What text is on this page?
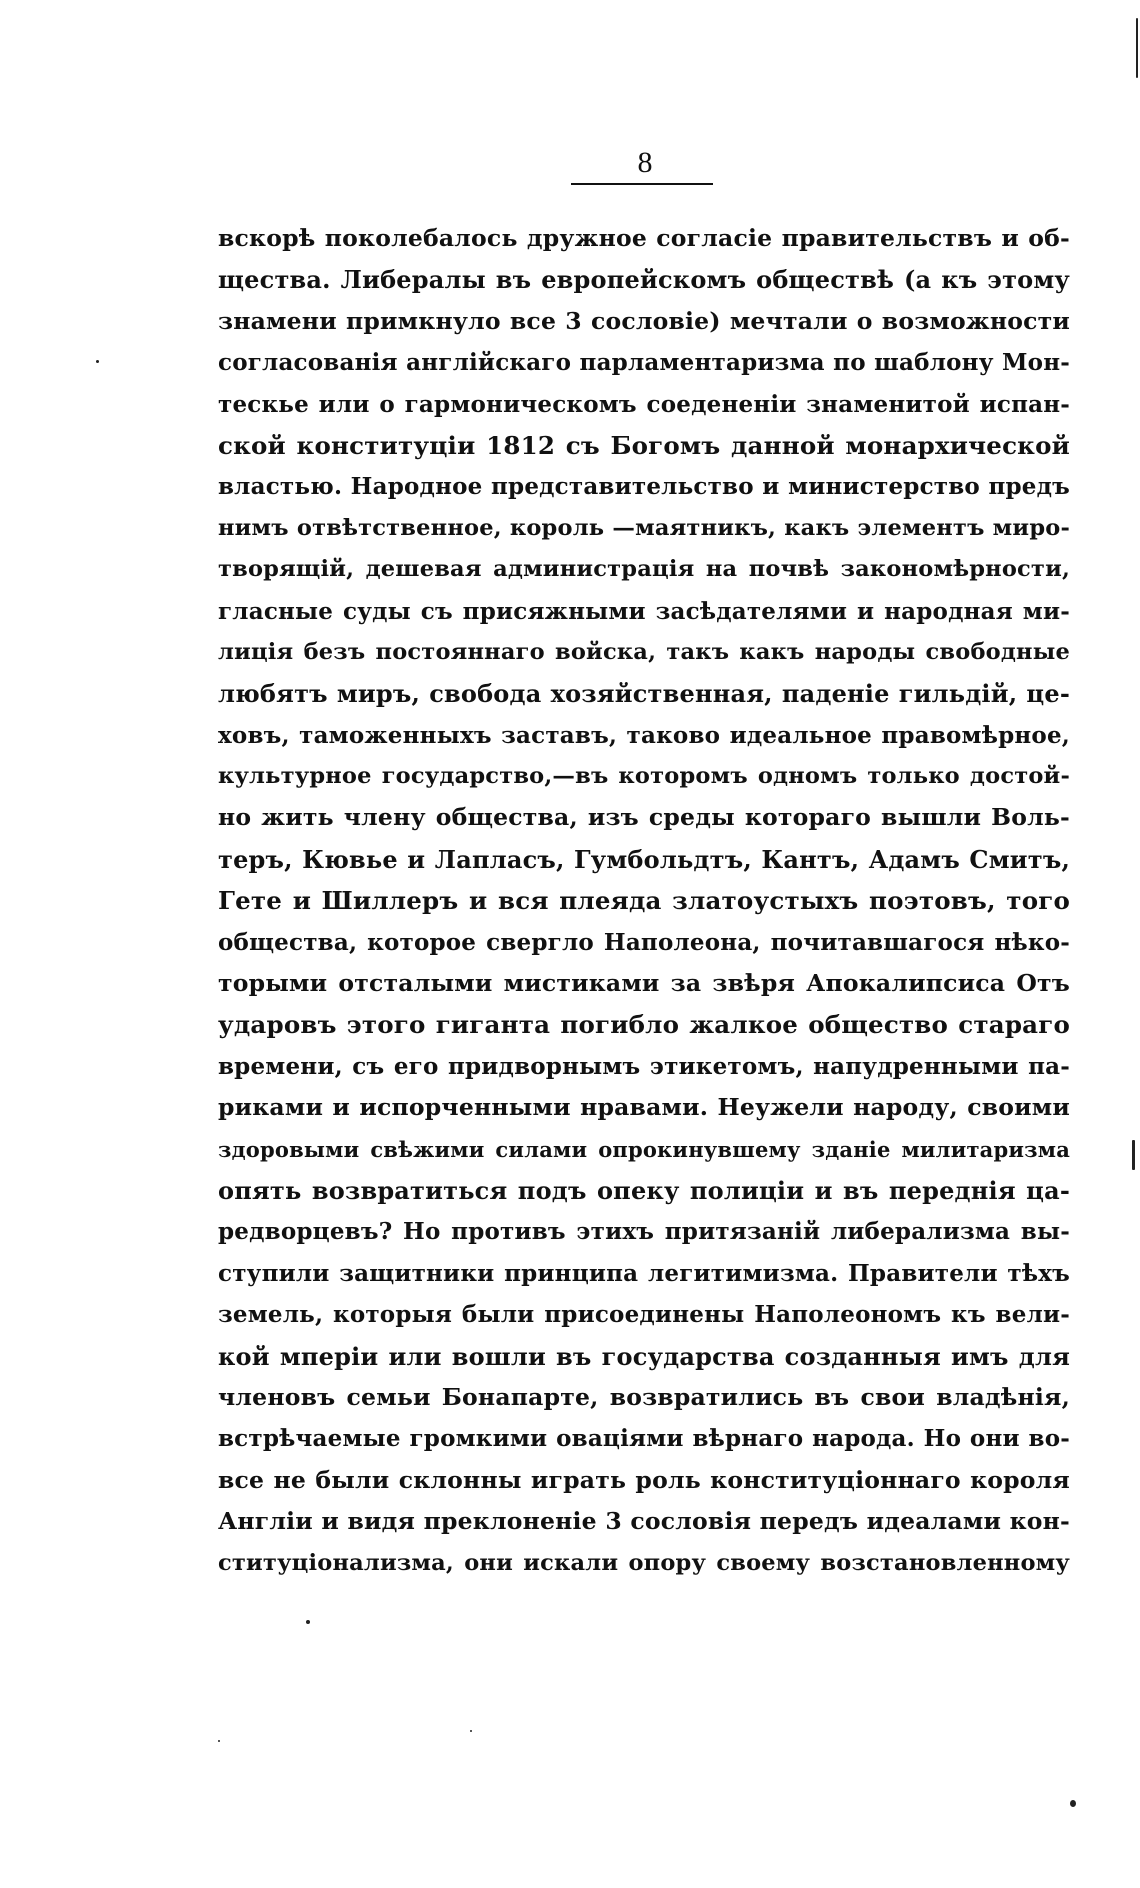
8
вскорѣ поколебалось дружное согласіе правительствъ и об-
щества. Либералы въ европейскомъ обществѣ (а къ этому
знамени примкнуло все 3 сословіе) мечтали о возможности
согласованія англійскаго парламентаризма по шаблону Мон-
тескье или о гармоническомъ соедененіи знаменитой испан-
ской конституціи 1812 съ Богомъ данной монархической
властью. Народное представительство и министерство предъ
нимъ отвѣтственное, король —маятникъ, какъ элементъ миро-
творящій, дешевая администрація на почвѣ закономѣрности,
гласные суды съ присяжными засѣдателями и народная ми-
лиція безъ постояннаго войска, такъ какъ народы свободные
любятъ миръ, свобода хозяйственная, паденіе гильдій, це-
ховъ, таможенныхъ заставъ, таково идеальное правомѣрное,
культурное государство,—въ которомъ одномъ только достой-
но жить члену общества, изъ среды котораго вышли Воль-
теръ, Кювье и Лапласъ, Гумбольдтъ, Кантъ, Адамъ Смитъ,
Гете и Шиллеръ и вся плеяда златоустыхъ поэтовъ, того
общества, которое свергло Наполеона, почитавшагося нѣко-
торыми отсталыми мистиками за звѣря Апокалипсиса Отъ
ударовъ этого гиганта погибло жалкое общество стараго
времени, съ его придворнымъ этикетомъ, напудренными па-
риками и испорченными нравами. Неужели народу, своими
здоровыми свѣжими силами опрокинувшему зданіе милитаризма
опять возвратиться подъ опеку полиціи и въ переднія ца-
редворцевъ? Но противъ этихъ притязаній либерализма вы-
ступили защитники принципа легитимизма. Правители тѣхъ
земель, которыя были присоединены Наполеономъ къ вели-
кой мперіи или вошли въ государства созданныя имъ для
членовъ семьи Бонапарте, возвратились въ свои владѣнія,
встрѣчаемые громкими оваціями вѣрнаго народа. Но они во-
все не были склонны играть роль конституціоннаго короля
Англіи и видя преклоненіе 3 сословія передъ идеалами кон-
ституціонализма, они искали опору своему возстановленному
